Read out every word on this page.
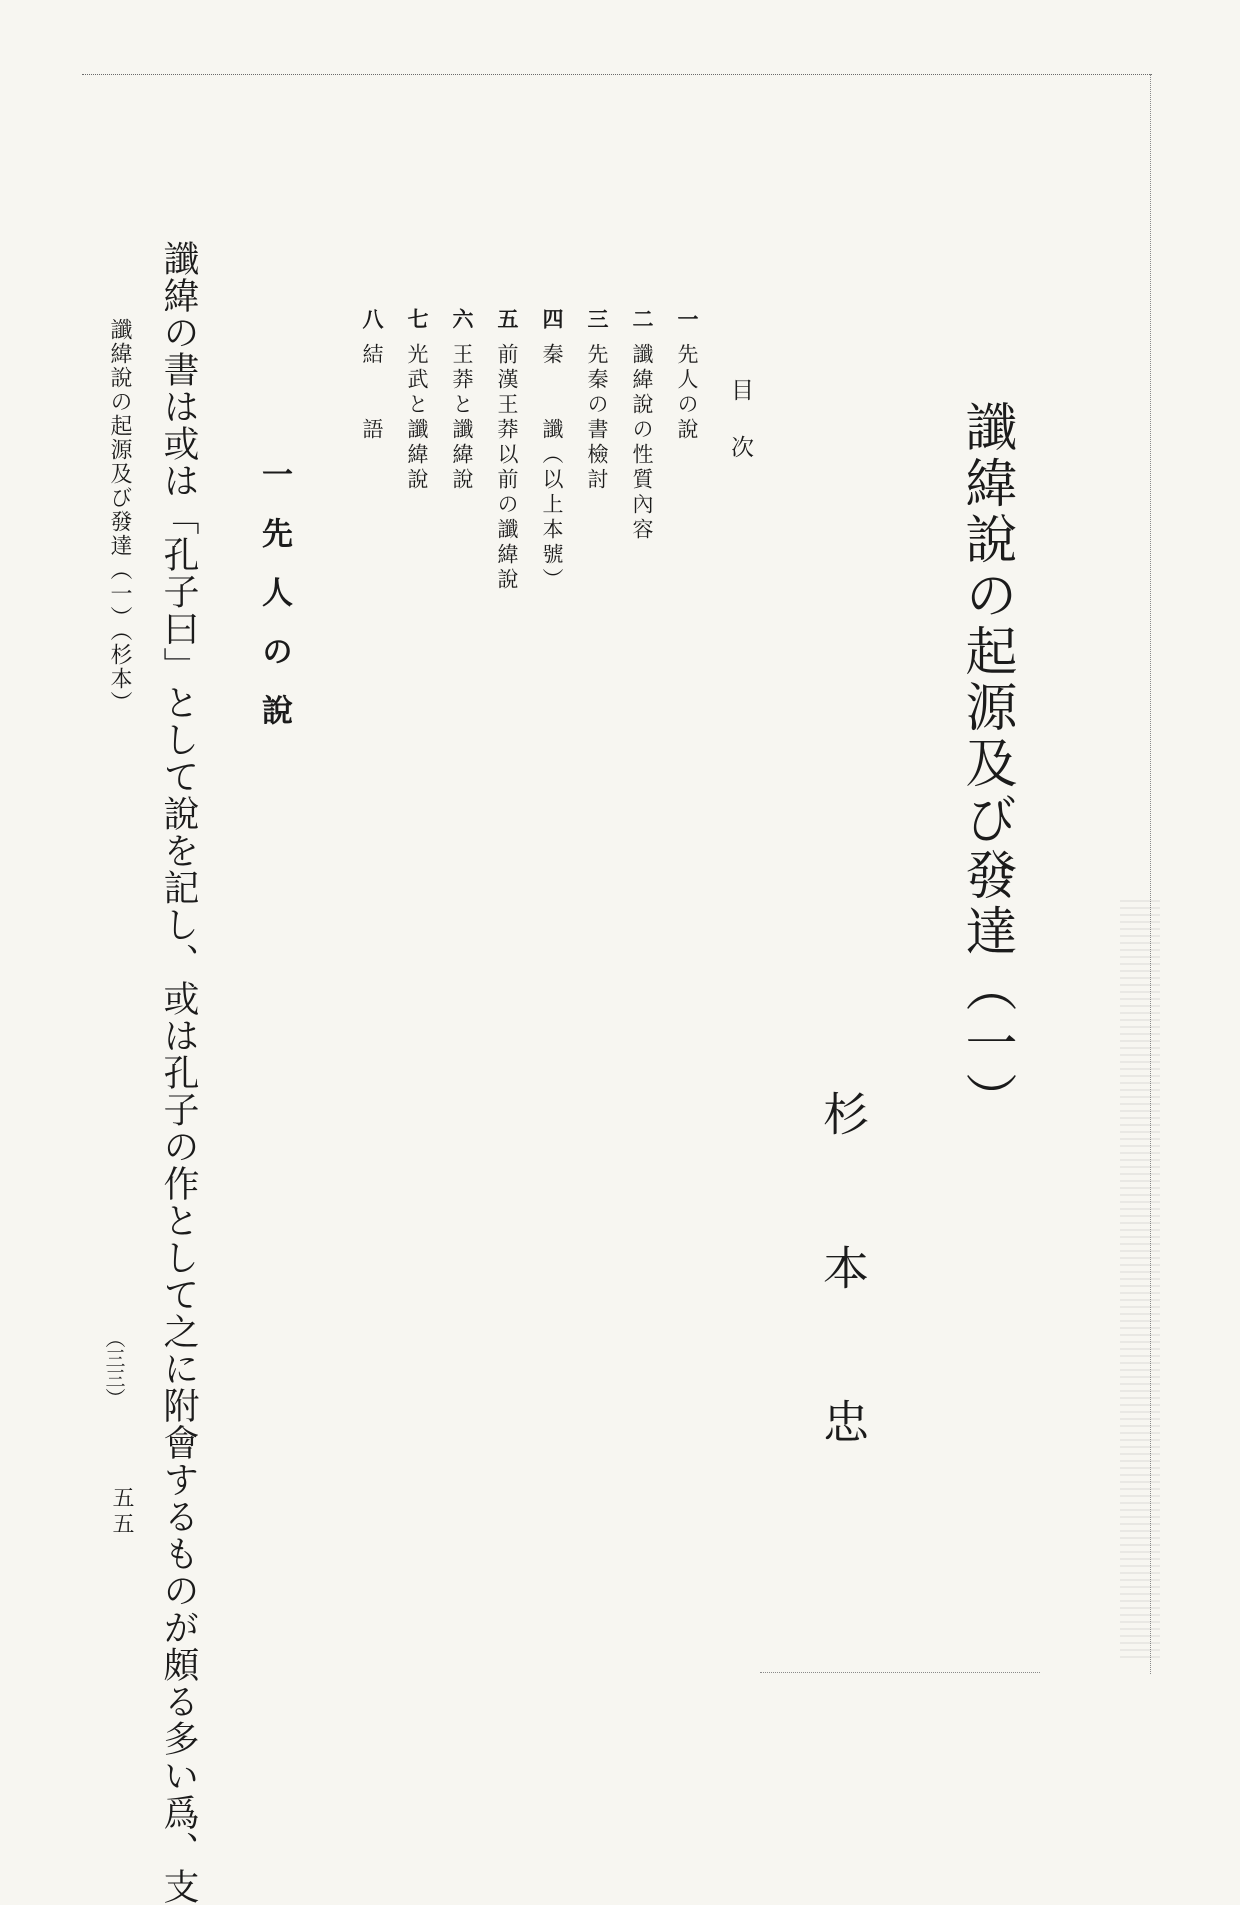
讖緯說の起源及び發達（一）
杉本忠
目次
一先人の說
二讖緯說の性質內容
三先秦の書檢討
四秦　　讖（以上本號）
五前漢王莽以前の讖緯說
六王莽と讖緯說
七光武と讖緯說
八結　　語
一先人の說
讖緯の書は或は「孔子曰」として說を記し、或は孔子の作として之に附會するものが頗る多い爲、支
讖緯說の起源及び發達（一）（杉本）
（三三）
五五
